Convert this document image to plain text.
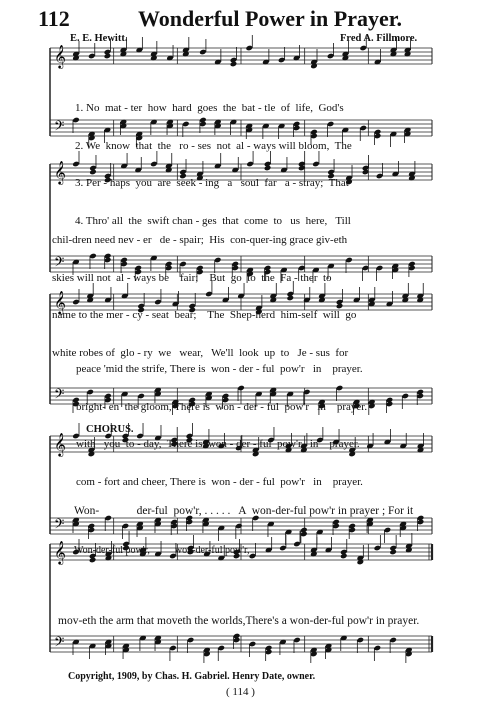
112	Wonderful Power in Prayer.
E. E. Hewitt.	Fred A. Fillmore.
𝄞
𝄢
𝄞
𝄢
𝄞
𝄢
𝄞
𝄢
𝄞
𝄢

1. No  mat - ter  how  hard  goes  the  bat - tle  of  life,  God's

2. We  know  that  the   ro - ses  not  al - ways will bloom,  The

3. Per - haps  you  are  seek - ing   a   soul  far   a - stray;  That

4. Thro' all  the  swift chan - ges  that  come  to   us  here,   Till

chil-dren need nev - er   de - spair;  His  con-quer-ing grace giv-eth

skies will not  al - ways be    fair;    But  go  to  the  Fa - ther  to

name to the mer - cy - seat  bear;    The  Shep-herd  him-self  will  go

white robes of  glo - ry  we   wear,   We'll  look  up  to   Je - sus  for

peace 'mid the strife, There is  won - der - ful  pow'r   in    prayer.

bright- en  the gloom, There is  won - der - ful  pow'r   in    prayer.

with   you  to - day,  There is  won - der - ful  pow'r   in    prayer.

com - fort and cheer, There is  won - der - ful  pow'r   in    prayer.

CHORUS.

Won-             der-ful  pow'r, . . . . .   A  won-der-ful pow'r in prayer ; For it

Won-der-ful pow'r,          won-der-ful pow'r,

mov-eth the arm that moveth the worlds,There's a won-der-ful pow'r in prayer.

Copyright, 1909, by Chas. H. Gabriel. Henry Date, owner.
( 114 )
